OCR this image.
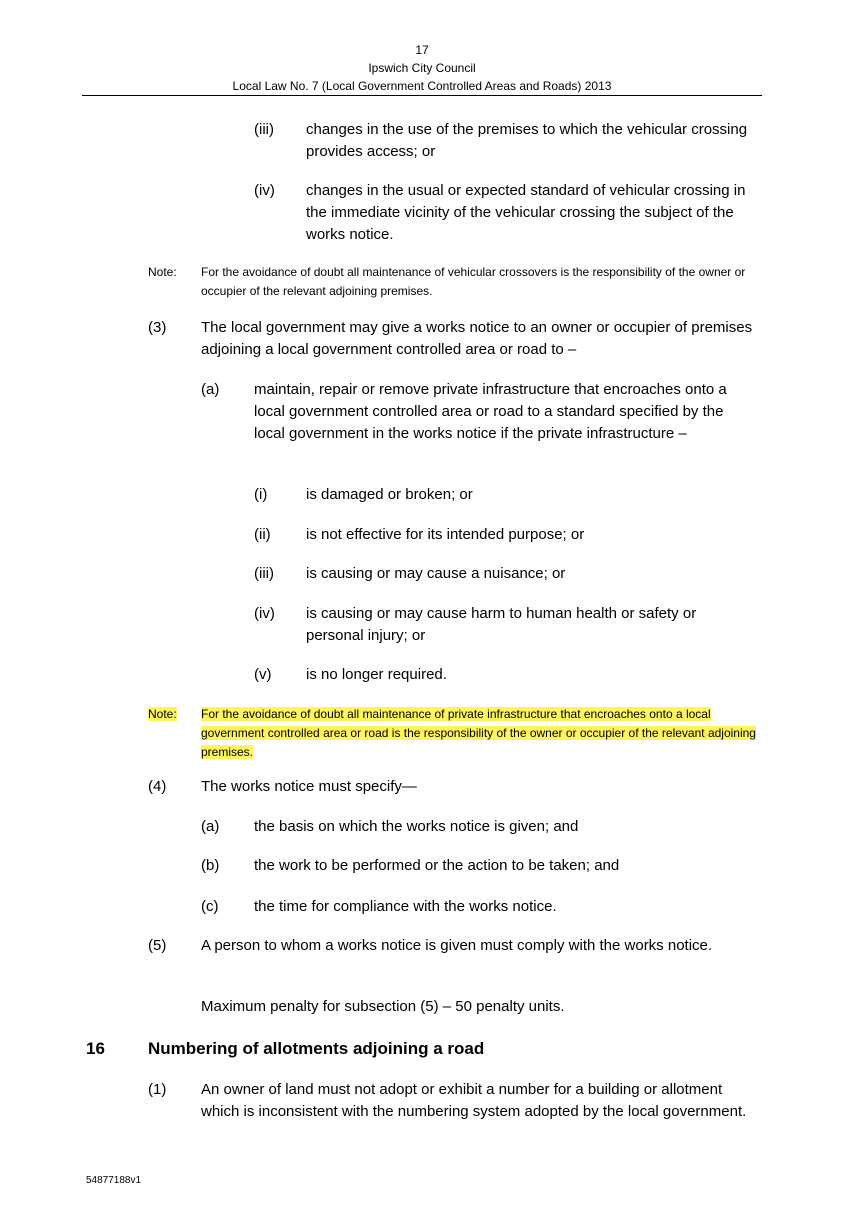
17
Ipswich City Council
Local Law No. 7 (Local Government Controlled Areas and Roads) 2013
(iii) changes in the use of the premises to which the vehicular crossing provides access; or
(iv) changes in the usual or expected standard of vehicular crossing in the immediate vicinity of the vehicular crossing the subject of the works notice.
Note: For the avoidance of doubt all maintenance of vehicular crossovers is the responsibility of the owner or occupier of the relevant adjoining premises.
(3) The local government may give a works notice to an owner or occupier of premises adjoining a local government controlled area or road to –
(a) maintain, repair or remove private infrastructure that encroaches onto a local government controlled area or road to a standard specified by the local government in the works notice if the private infrastructure –
(i)	is damaged or broken; or
(ii) is not effective for its intended purpose; or
(iii) is causing or may cause a nuisance; or
(iv) is causing or may cause harm to human health or safety or personal injury; or
(v) is no longer required.
Note: For the avoidance of doubt all maintenance of private infrastructure that encroaches onto a local government controlled area or road is the responsibility of the owner or occupier of the relevant adjoining premises.
(4) The works notice must specify—
(a) the basis on which the works notice is given; and
(b) the work to be performed or the action to be taken; and
(c) the time for compliance with the works notice.
(5) A person to whom a works notice is given must comply with the works notice.
Maximum penalty for subsection (5) – 50 penalty units.
16	Numbering of allotments adjoining a road
(1) An owner of land must not adopt or exhibit a number for a building or allotment which is inconsistent with the numbering system adopted by the local government.
54877188v1
